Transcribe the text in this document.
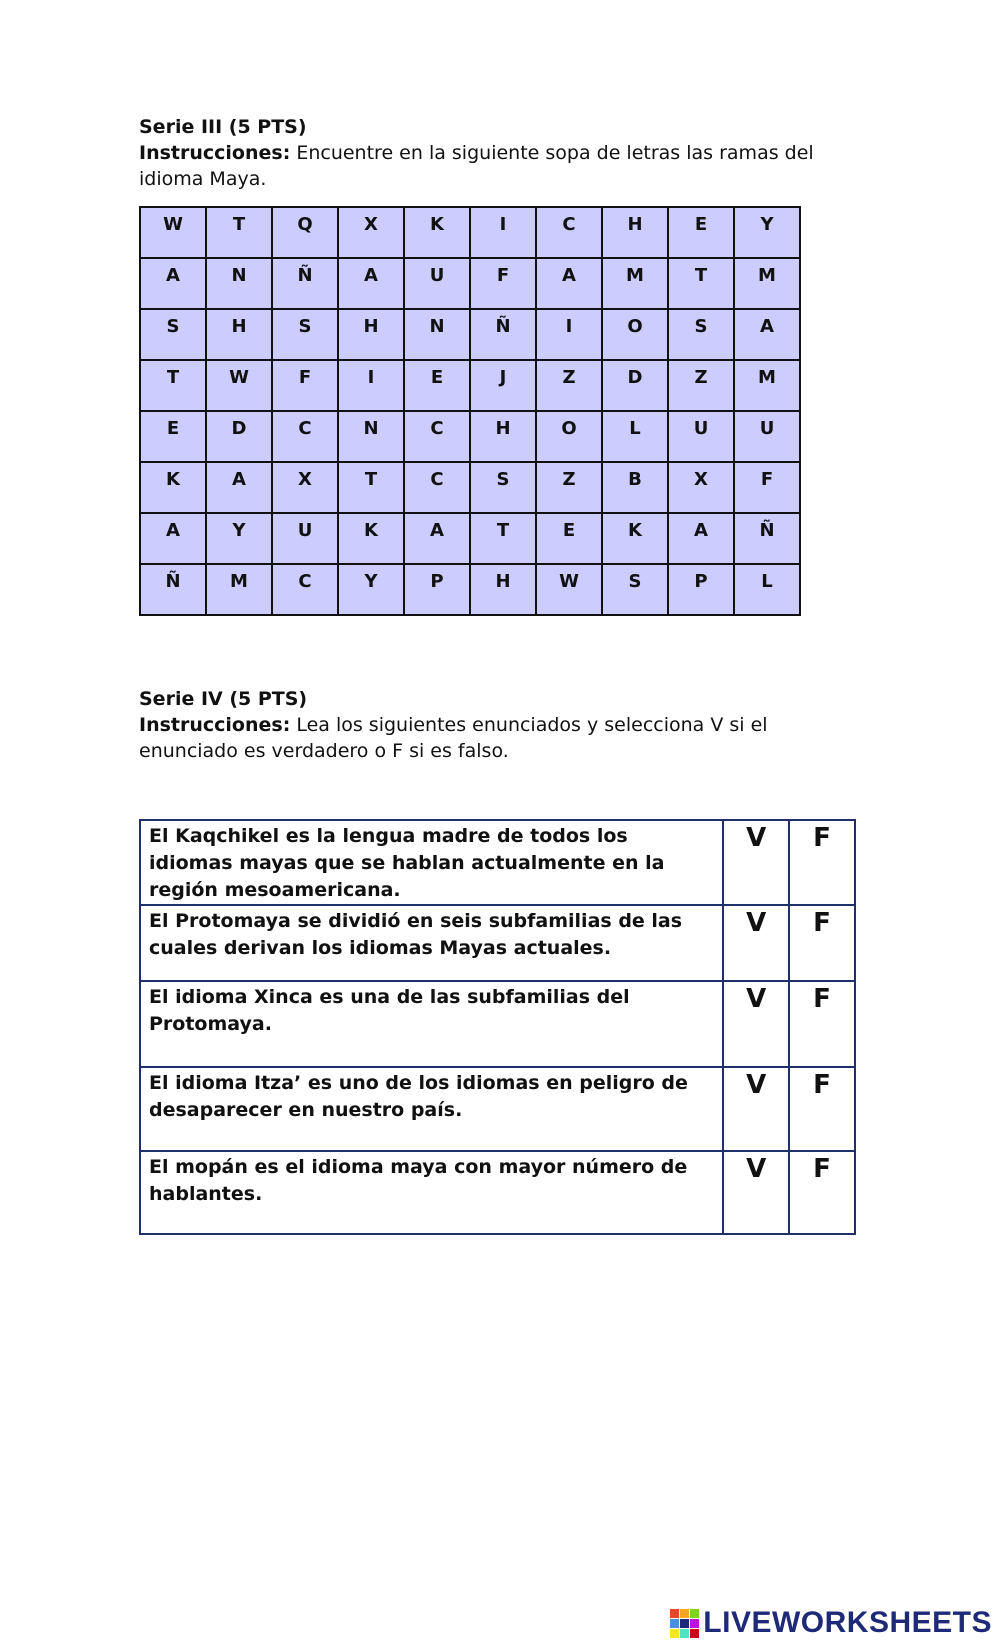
Serie III (5 PTS)

Instrucciones: Encuentre en la siguiente sopa de letras las ramas del idioma Maya.

W	T	Q	X	K	I	C	H	E	Y
A	N	Ñ	A	U	F	A	M	T	M
S	H	S	H	N	Ñ	I	O	S	A
T	W	F	I	E	J	Z	D	Z	M
E	D	C	N	C	H	O	L	U	U
K	A	X	T	C	S	Z	B	X	F
A	Y	U	K	A	T	E	K	A	Ñ
Ñ	M	C	Y	P	H	W	S	P	L

Serie IV (5 PTS)

Instrucciones: Lea los siguientes enunciados y selecciona V si el enunciado es verdadero o F si es falso.

El Kaqchikel es la lengua madre de todos los idiomas mayas que se hablan actualmente en la región mesoamericana.	V	F
El Protomaya se dividió en seis subfamilias de las cuales derivan los idiomas Mayas actuales.	V	F
El idioma Xinca es una de las subfamilias del Protomaya.	V	F
El idioma Itza’ es uno de los idiomas en peligro de desaparecer en nuestro país.	V	F
El mopán es el idioma maya con mayor número de hablantes.	V	F
LIVEWORKSHEETS
